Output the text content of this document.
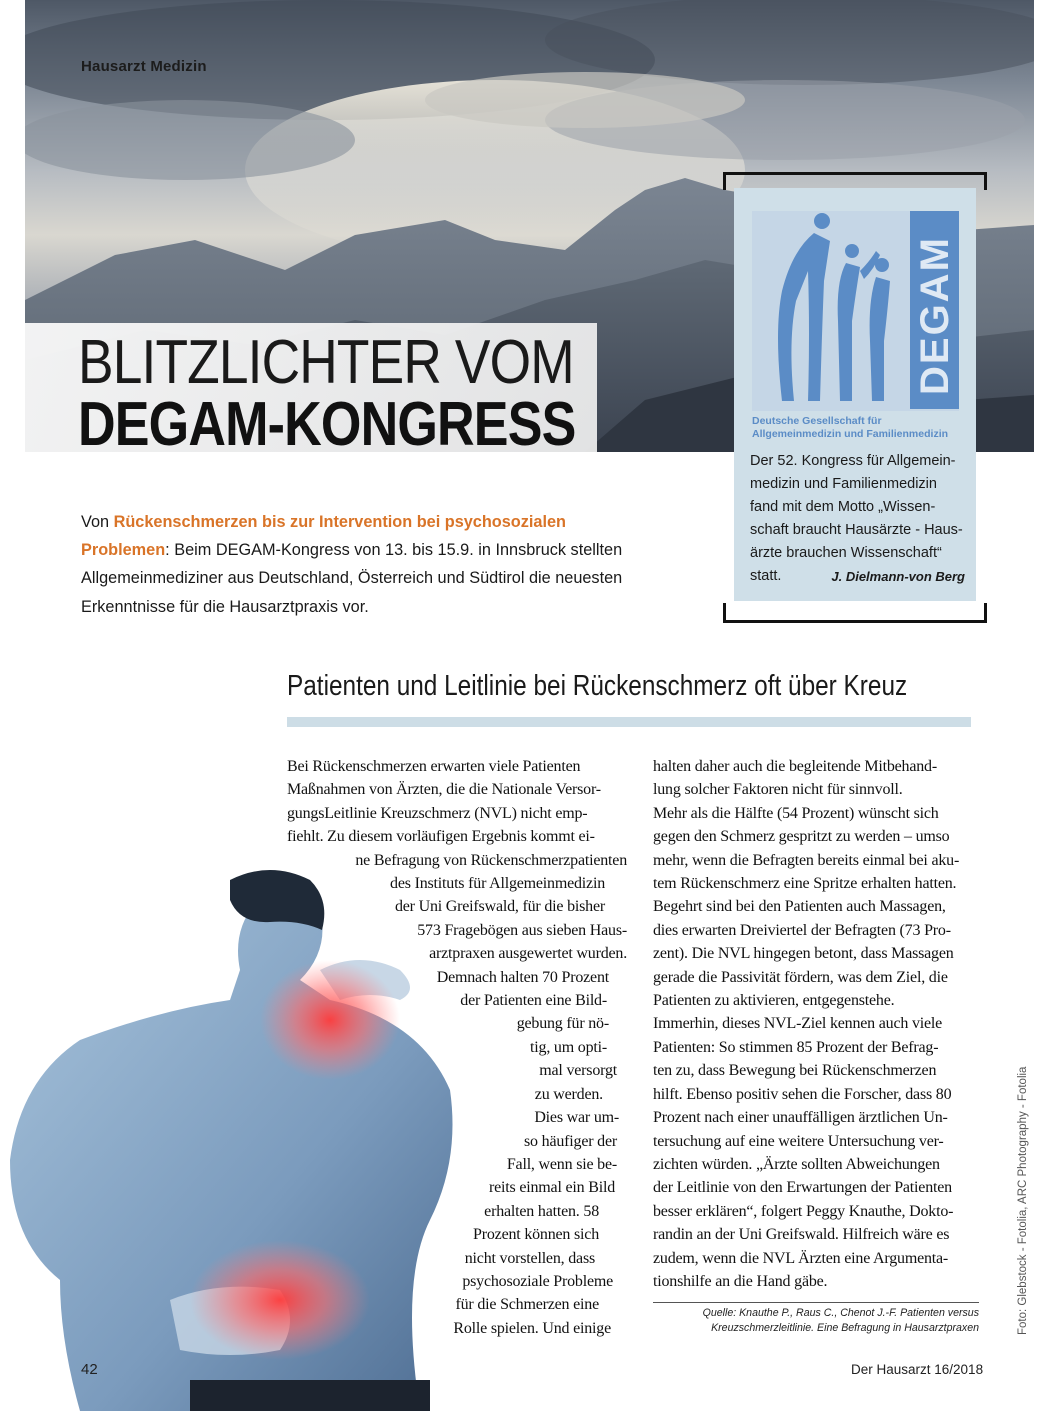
Hausarzt Medizin
BLITZLICHTER VOM
DEGAM-KONGRESS
DEGAM
Deutsche Gesellschaft für
Allgemeinmedizin und Familienmedizin
Der 52. Kongress für Allgemein-
medizin und Familienmedizin
fand mit dem Motto „Wissen-
schaft braucht Hausärzte - Haus-
ärzte brauchen Wissenschaft“
statt.	J. Dielmann-von Berg
Von Rückenschmerzen bis zur Intervention bei psychosozialen Problemen: Beim DEGAM-Kongress von 13. bis 15.9. in Innsbruck stellten Allgemeinmediziner aus Deutschland, Österreich und Südtirol die neuesten Erkenntnisse für die Hausarztpraxis vor.
Patienten und Leitlinie bei Rückenschmerz oft über Kreuz
Bei Rückenschmerzen erwarten viele Patienten
Maßnahmen von Ärzten, die die Nationale Versor-
gungsLeitlinie Kreuzschmerz (NVL) nicht emp-
fiehlt. Zu diesem vorläufigen Ergebnis kommt ei-
ne Befragung von Rückenschmerzpatienten
des Instituts für Allgemeinmedizin
der Uni Greifswald, für die bisher
573 Fragebögen aus sieben Haus-
arztpraxen ausgewertet wurden.
Demnach halten 70 Prozent
der Patienten eine Bild-
gebung für nö-
tig, um opti-
mal versorgt
zu werden.
Dies war um-
so häufiger der
Fall, wenn sie be-
reits einmal ein Bild
erhalten hatten. 58
Prozent können sich
nicht vorstellen, dass
psychosoziale Probleme
für die Schmerzen eine
Rolle spielen. Und einige
halten daher auch die begleitende Mitbehand-
lung solcher Faktoren nicht für sinnvoll.
Mehr als die Hälfte (54 Prozent) wünscht sich
gegen den Schmerz gespritzt zu werden – umso
mehr, wenn die Befragten bereits einmal bei aku-
tem Rückenschmerz eine Spritze erhalten hatten.
Begehrt sind bei den Patienten auch Massagen,
dies erwarten Dreiviertel der Befragten (73 Pro-
zent). Die NVL hingegen betont, dass Massagen
gerade die Passivität fördern, was dem Ziel, die
Patienten zu aktivieren, entgegenstehe.
Immerhin, dieses NVL-Ziel kennen auch viele
Patienten: So stimmen 85 Prozent der Befrag-
ten zu, dass Bewegung bei Rückenschmerzen
hilft. Ebenso positiv sehen die Forscher, dass 80
Prozent nach einer unauffälligen ärztlichen Un-
tersuchung auf eine weitere Untersuchung ver-
zichten würden. „Ärzte sollten Abweichungen
der Leitlinie von den Erwartungen der Patienten
besser erklären“, folgert Peggy Knauthe, Dokto-
randin an der Uni Greifswald. Hilfreich wäre es
zudem, wenn die NVL Ärzten eine Argumenta-
tionshilfe an die Hand gäbe.
Quelle: Knauthe P., Raus C., Chenot J.-F. Patienten versus
Kreuzschmerzleitlinie. Eine Befragung in Hausarztpraxen	Foto: Glebstock - Fotolia, ARC Photography - Fotolia
42	Der Hausarzt 16/2018
